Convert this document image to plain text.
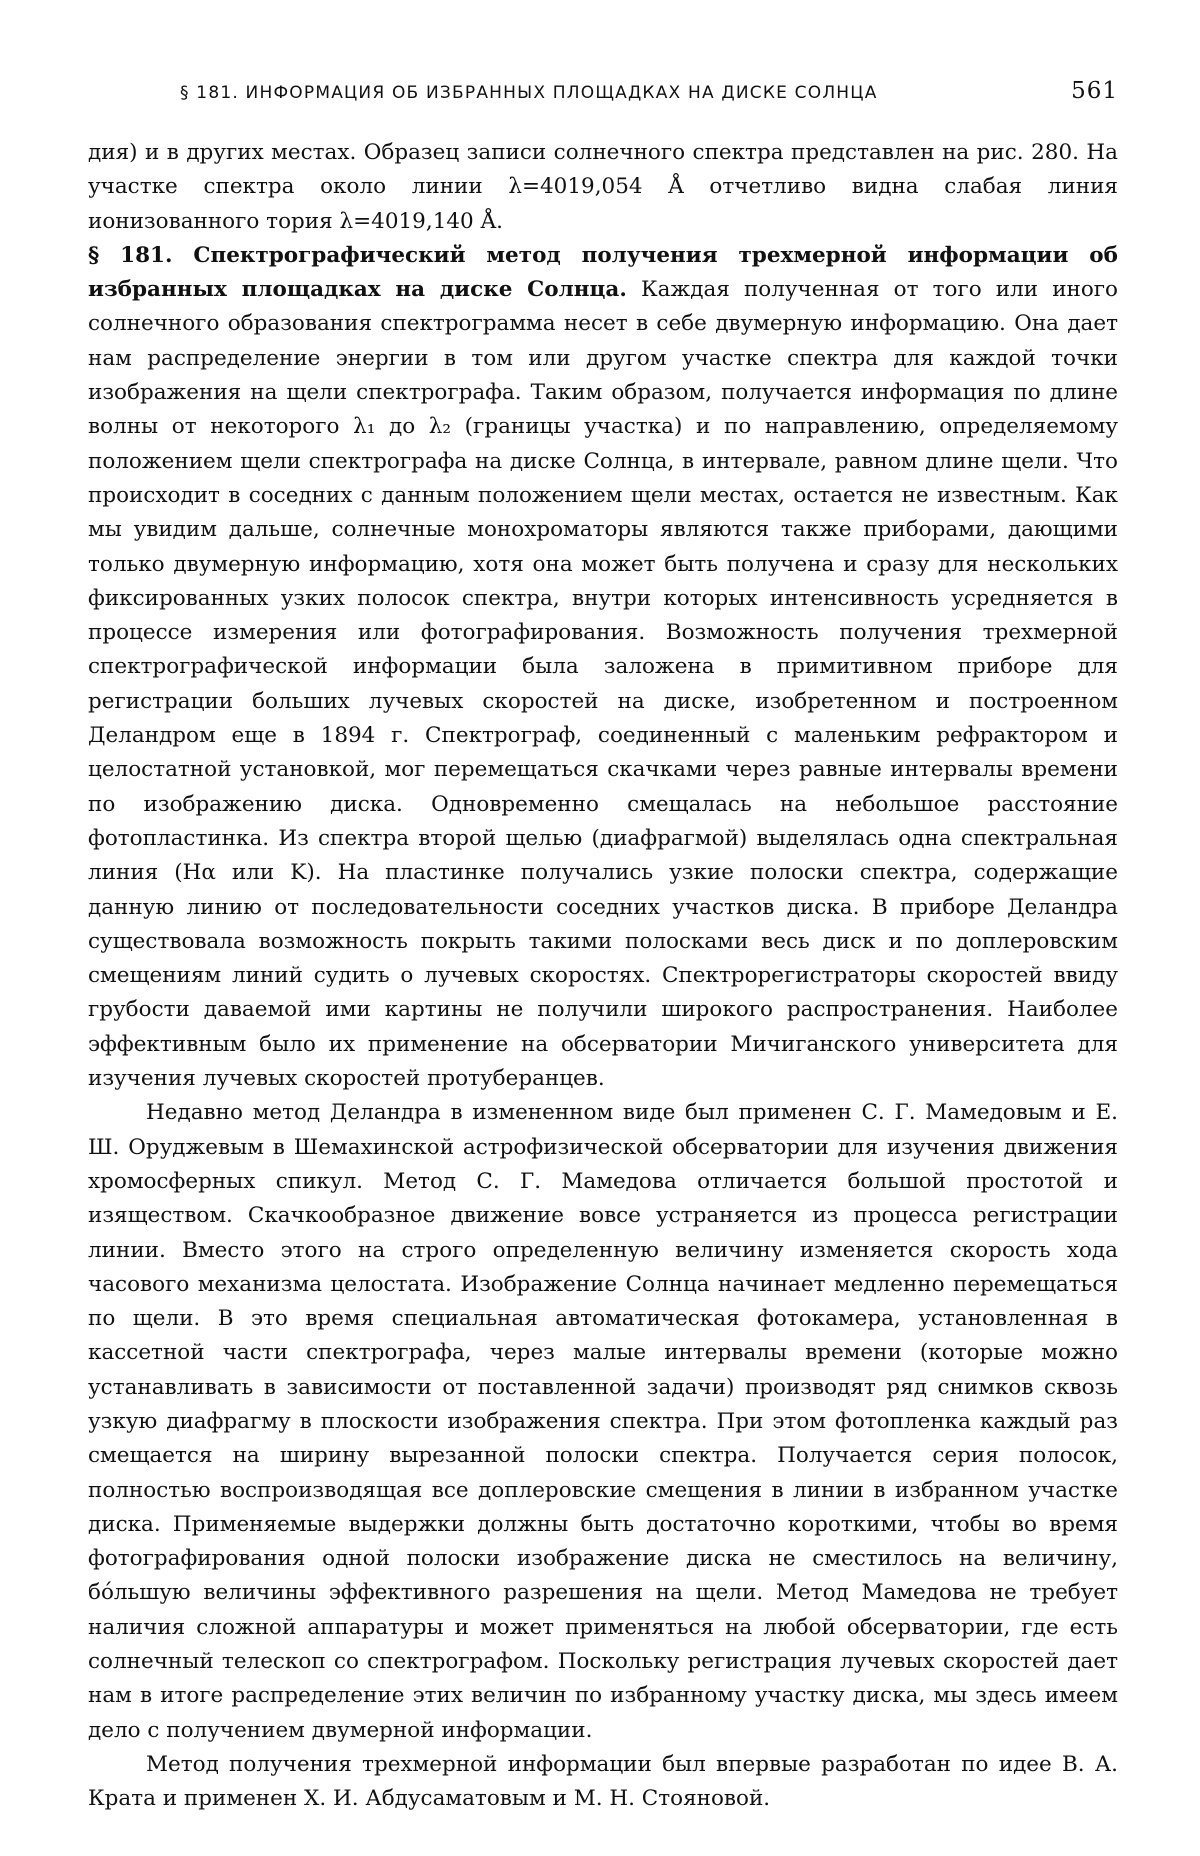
§ 181. ИНФОРМАЦИЯ ОБ ИЗБРАННЫХ ПЛОЩАДКАХ НА ДИСКЕ СОЛНЦА	561

дия) и в других местах. Образец записи солнечного спектра представлен на рис. 280. На участке спектра около линии λ=4019,054 Å отчетливо видна слабая линия ионизованного тория λ=4019,140 Å.

§ 181. Спектрографический метод получения трехмерной информации об избранных площадках на диске Солнца. Каждая полученная от того или иного солнечного образования спектрограмма несет в себе двумерную информацию. Она дает нам распределение энергии в том или другом участке спектра для каждой точки изображения на щели спектрографа. Таким образом, получается информация по длине волны от некоторого λ₁ до λ₂ (границы участка) и по направлению, определяемому положением щели спектрографа на диске Солнца, в интервале, равном длине щели. Что происходит в соседних с данным положением щели местах, остается не известным. Как мы увидим дальше, солнечные монохроматоры являются также приборами, дающими только двумерную информацию, хотя она может быть получена и сразу для нескольких фиксированных узких полосок спектра, внутри которых интенсивность усредняется в процессе измерения или фотографирования. Возможность получения трехмерной спектрографической информации была заложена в примитивном приборе для регистрации больших лучевых скоростей на диске, изобретенном и построенном Деландром еще в 1894 г. Спектрограф, соединенный с маленьким рефрактором и целостатной установкой, мог перемещаться скачками через равные интервалы времени по изображению диска. Одновременно смещалась на небольшое расстояние фотопластинка. Из спектра второй щелью (диафрагмой) выделялась одна спектральная линия (Hα или K). На пластинке получались узкие полоски спектра, содержащие данную линию от последовательности соседних участков диска. В приборе Деландра существовала возможность покрыть такими полосками весь диск и по доплеровским смещениям линий судить о лучевых скоростях. Спектрорегистраторы скоростей ввиду грубости даваемой ими картины не получили широкого распространения. Наиболее эффективным было их применение на обсерватории Мичиганского университета для изучения лучевых скоростей протуберанцев.

Недавно метод Деландра в измененном виде был применен С. Г. Мамедовым и Е. Ш. Оруджевым в Шемахинской астрофизической обсерватории для изучения движения хромосферных спикул. Метод С. Г. Мамедова отличается большой простотой и изяществом. Скачкообразное движение вовсе устраняется из процесса регистрации линии. Вместо этого на строго определенную величину изменяется скорость хода часового механизма целостата. Изображение Солнца начинает медленно перемещаться по щели. В это время специальная автоматическая фотокамера, установленная в кассетной части спектрографа, через малые интервалы времени (которые можно устанавливать в зависимости от поставленной задачи) производят ряд снимков сквозь узкую диафрагму в плоскости изображения спектра. При этом фотопленка каждый раз смещается на ширину вырезанной полоски спектра. Получается серия полосок, полностью воспроизводящая все доплеровские смещения в линии в избранном участке диска. Применяемые выдержки должны быть достаточно короткими, чтобы во время фотографирования одной полоски изображение диска не сместилось на величину, бо́льшую величины эффективного разрешения на щели. Метод Мамедова не требует наличия сложной аппаратуры и может применяться на любой обсерватории, где есть солнечный телескоп со спектрографом. Поскольку регистрация лучевых скоростей дает нам в итоге распределение этих величин по избранному участку диска, мы здесь имеем дело с получением двумерной информации.

Метод получения трехмерной информации был впервые разработан по идее В. А. Крата и применен Х. И. Абдусаматовым и М. Н. Стояновой.
